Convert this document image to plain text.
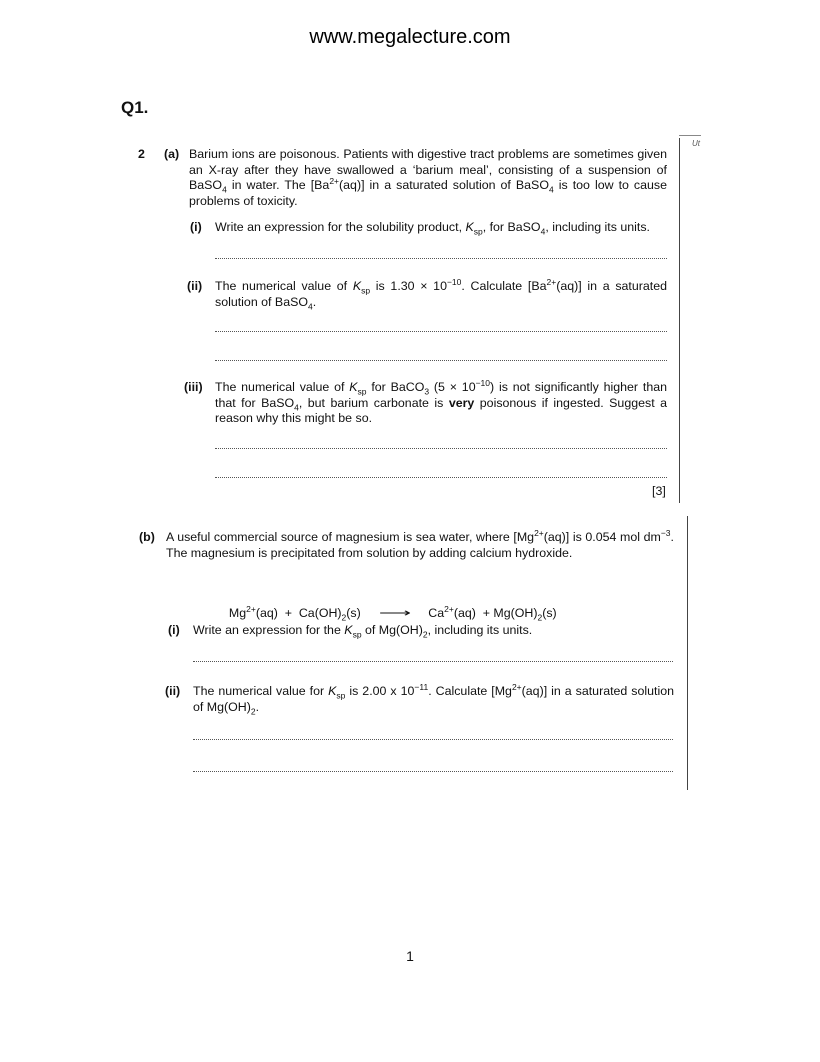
www.megalecture.com
Q1.
Ut
2 (a) Barium ions are poisonous. Patients with digestive tract problems are sometimes given an X-ray after they have swallowed a ‘barium meal’, consisting of a suspension of BaSO$_4$ in water. The $[Ba^{2+}(aq)]$ in a saturated solution of BaSO$_4$ is too low to cause problems of toxicity.
(i) Write an expression for the solubility product, $K_{sp}$, for BaSO$_4$, including its units.
(ii) The numerical value of $K_{sp}$ is $1.30 \times 10^{-10}$. Calculate $[Ba^{2+}(aq)]$ in a saturated solution of BaSO$_4$.
(iii) The numerical value of $K_{sp}$ for BaCO$_3$ $(5 \times 10^{-10})$ is not significantly higher than that for BaSO$_4$, but barium carbonate is very poisonous if ingested. Suggest a reason why this might be so.
[3]
(b) A useful commercial source of magnesium is sea water, where $[Mg^{2+}(aq)]$ is 0.054 mol $dm^{-3}$. The magnesium is precipitated from solution by adding calcium hydroxide.

$Mg^{2+}(aq) + Ca(OH)_2(s)$ ⟶ $Ca^{2+}(aq) + Mg(OH)_2(s)$

(i) Write an expression for the $K_{sp}$ of $Mg(OH)_2$, including its units.
(ii) The numerical value for $K_{sp}$ is 2.00 x $10^{-11}$. Calculate $[Mg^{2+}(aq)]$ in a saturated solution of $Mg(OH)_2$.
1
